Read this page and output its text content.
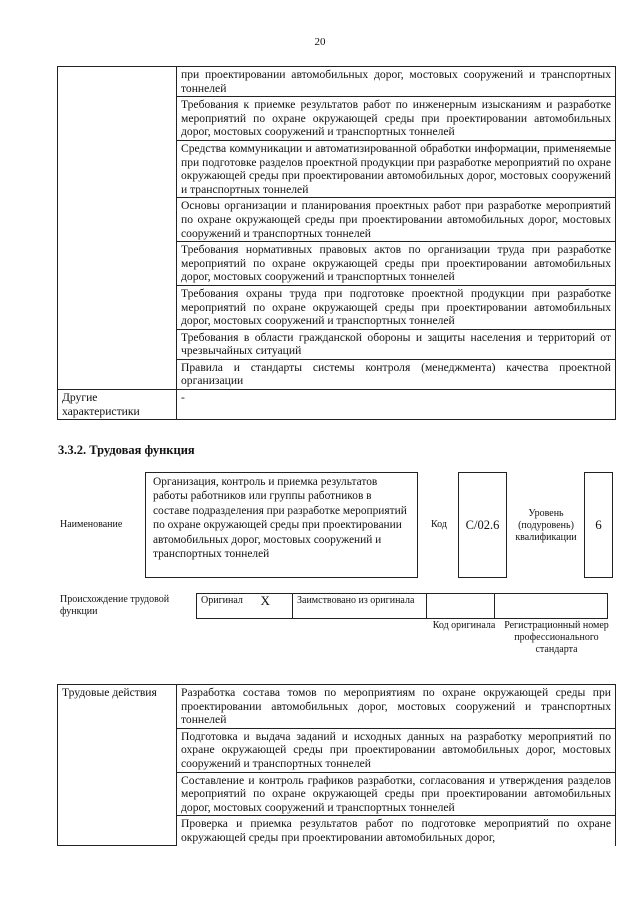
20
	при проектировании автомобильных дорог, мостовых сооружений и транспортных тоннелей
	Требования к приемке результатов работ по инженерным изысканиям и разработке мероприятий по охране окружающей среды при проектировании автомобильных дорог, мостовых сооружений и транспортных тоннелей
	Средства коммуникации и автоматизированной обработки информации, применяемые при подготовке разделов проектной продукции при разработке мероприятий по охране окружающей среды при проектировании автомобильных дорог, мостовых сооружений и транспортных тоннелей
	Основы организации и планирования проектных работ при разработке мероприятий по охране окружающей среды при проектировании автомобильных дорог, мостовых сооружений и транспортных тоннелей
	Требования нормативных правовых актов по организации труда при разработке мероприятий по охране окружающей среды при проектировании автомобильных дорог, мостовых сооружений и транспортных тоннелей
	Требования охраны труда при подготовке проектной продукции при разработке мероприятий по охране окружающей среды при проектировании автомобильных дорог, мостовых сооружений и транспортных тоннелей
	Требования в области гражданской обороны и защиты населения и территорий от чрезвычайных ситуаций
	Правила и стандарты системы контроля (менеджмента) качества проектной организации
Другие характеристики	-
3.3.2. Трудовая функция
Наименование
Организация, контроль и приемка результатов работы работников или группы работников в составе подразделения при разработке мероприятий по охране окружающей среды при проектировании автомобильных дорог, мостовых сооружений и транспортных тоннелей
Код	C/02.6
Уровень (подуровень) квалификации
6
Происхождение трудовой функции
Оригинал	X	Заимствовано из оригинала		
Код оригинала Регистрационный номер профессионального стандарта
Трудовые действия	Разработка состава томов по мероприятиям по охране окружающей среды при проектировании автомобильных дорог, мостовых сооружений и транспортных тоннелей
Подготовка и выдача заданий и исходных данных на разработку мероприятий по охране окружающей среды при проектировании автомобильных дорог, мостовых сооружений и транспортных тоннелей
Составление и контроль графиков разработки, согласования и утверждения разделов мероприятий по охране окружающей среды при проектировании автомобильных дорог, мостовых сооружений и транспортных тоннелей
Проверка и приемка результатов работ по подготовке мероприятий по охране окружающей среды при проектировании автомобильных дорог,
